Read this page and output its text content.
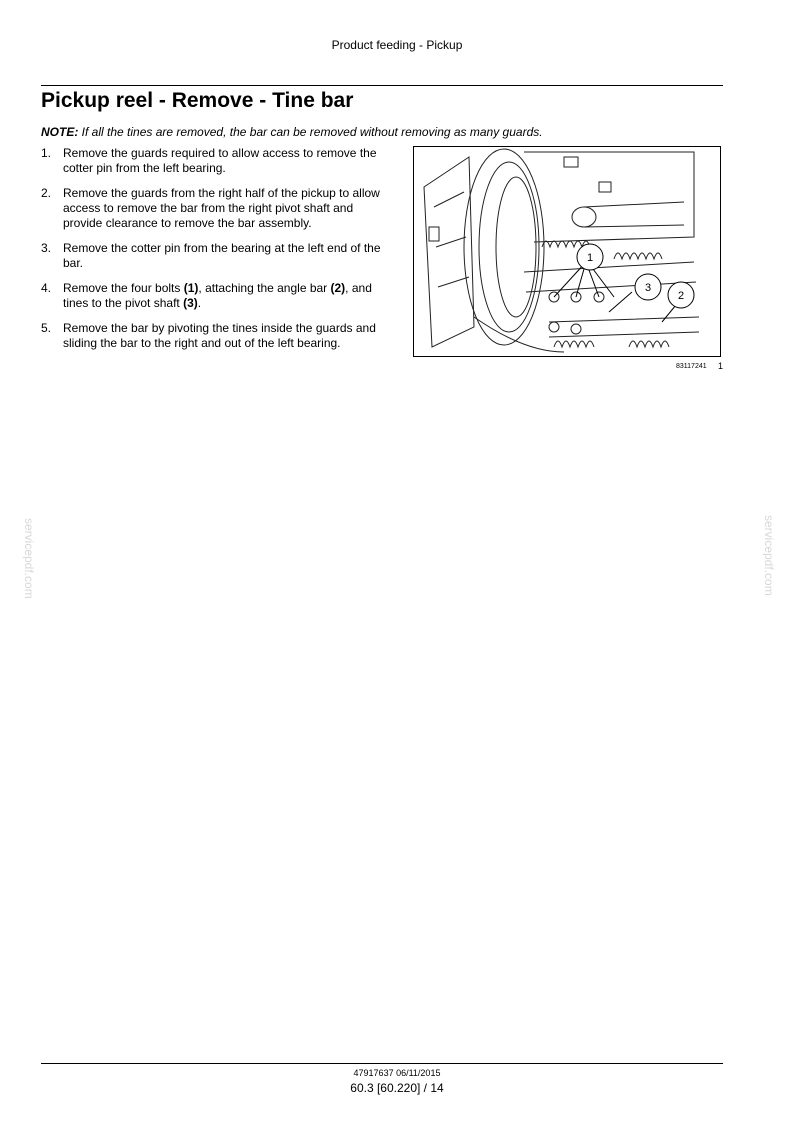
Product feeding - Pickup
Pickup reel - Remove - Tine bar
NOTE: If all the tines are removed, the bar can be removed without removing as many guards.
1. Remove the guards required to allow access to remove the cotter pin from the left bearing.
2. Remove the guards from the right half of the pickup to allow access to remove the bar from the right pivot shaft and provide clearance to remove the bar assembly.
3. Remove the cotter pin from the bearing at the left end of the bar.
4. Remove the four bolts (1), attaching the angle bar (2), and tines to the pivot shaft (3).
5. Remove the bar by pivoting the tines inside the guards and sliding the bar to the right and out of the left bearing.
1
3
2
83117241 1
servicepdf.com	servicepdf.com
47917637 06/11/2015
60.3 [60.220] / 14
